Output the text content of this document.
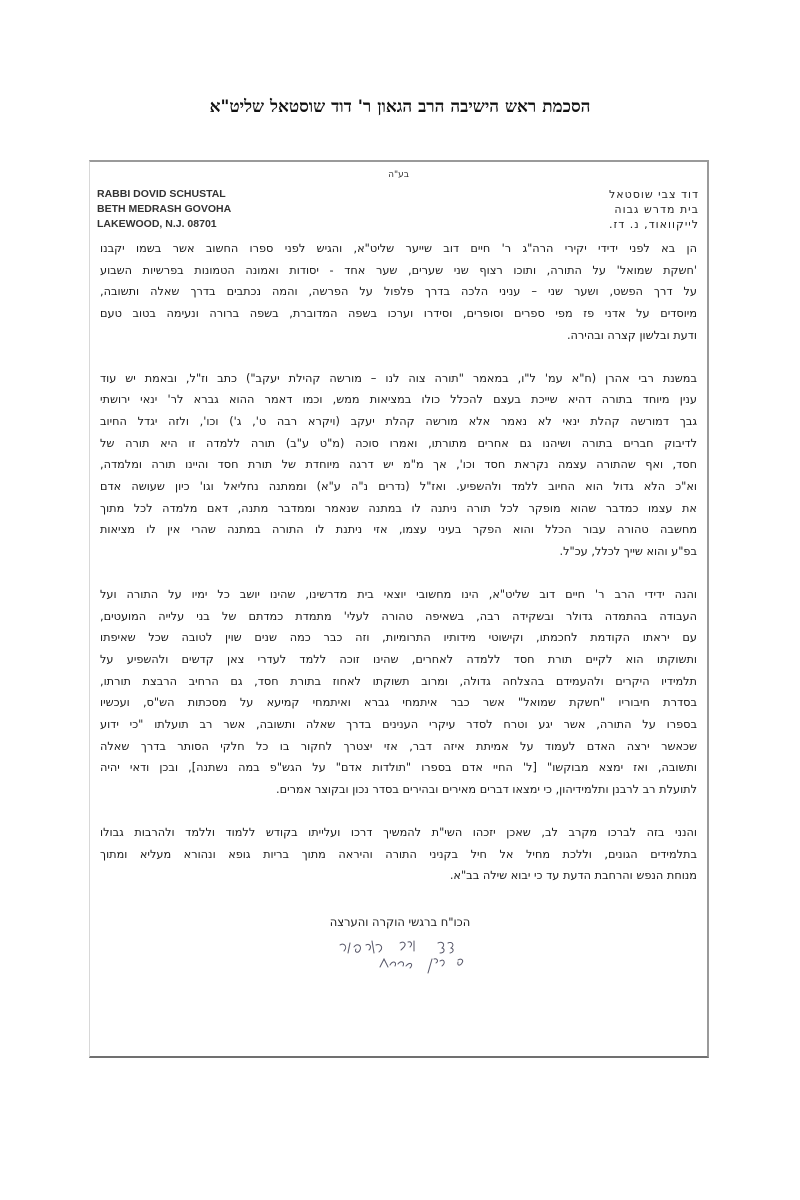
הסכמת ראש הישיבה הרב הגאון ר' דוד שוסטאל שליט"א
בע"ה
RABBI DOVID SCHUSTAL
BETH MEDRASH GOVOHA
LAKEWOOD, N.J. 08701
דוד צבי שוסטאל
בית מדרש גבוה
לייקוואוד, נ. דז.
הן בא לפני ידידי יקירי הרה"ג ר' חיים דוב שייער שליט"א, והגיש לפני ספרו החשוב אשר בשמו יקבנו
'חשקת שמואל' על התורה, ותוכו רצוף שני שערים, שער אחד - יסודות ואמונה הטמונות בפרשיות השבוע
על דרך הפשט, ושער שני – עניני הלכה בדרך פלפול על הפרשה, והמה נכתבים בדרך שאלה ותשובה,
מיוסדים על אדני פז מפי ספרים וסופרים, וסידרו וערכו בשפה המדוברת, בשפה ברורה ונעימה בטוב טעם
ודעת ובלשון קצרה ובהירה.
במשנת רבי אהרן (ח"א עמ' ל"ו, במאמר "תורה צוה לנו – מורשה קהילת יעקב") כתב וז"ל, ובאמת יש עוד
ענין מיוחד בתורה דהיא שייכת בעצם להכלל כולו במציאות ממש, וכמו דאמר ההוא גברא לר' ינאי ירושתי
גבך דמורשה קהלת ינאי לא נאמר אלא מורשה קהלת יעקב (ויקרא רבה ט', ג') וכו', ולזה יגדל החיוב
לדיבוק חברים בתורה ושיהנו גם אחרים מתורתו, ואמרו סוכה (מ"ט ע"ב) תורה ללמדה זו היא תורה של
חסד, ואף שהתורה עצמה נקראת חסד וכו', אך מ"מ יש דרגה מיוחדת של תורת חסד והיינו תורה ומלמדה,
וא"כ הלא גדול הוא החיוב ללמד ולהשפיע. ואז"ל (נדרים נ"ה ע"א) וממתנה נחליאל וגו' כיון שעושה אדם
את עצמו כמדבר שהוא מופקר לכל תורה ניתנה לו במתנה שנאמר וממדבר מתנה, דאם מלמדה לכל מתוך
מחשבה טהורה עבור הכלל והוא הפקר בעיני עצמו, אזי ניתנת לו התורה במתנה שהרי אין לו מציאות
בפ"ע והוא שייך לכלל, עכ"ל.
והנה ידידי הרב ר' חיים דוב שליט"א, הינו מחשובי יוצאי בית מדרשינו, שהינו יושב כל ימיו על התורה ועל
העבודה בהתמדה גדולר ובשקידה רבה, בשאיפה טהורה לעלי' מתמדת כמדתם של בני עלייה המועטים,
עם יראתו הקודמת לחכמתו, וקישוטי מידותיו התרומיות, וזה כבר כמה שנים שוין לטובה שכל שאיפתו
ותשוקתו הוא לקיים תורת חסד ללמדה לאחרים, שהינו זוכה ללמד לעדרי צאן קדשים ולהשפיע על
תלמידיו היקרים ולהעמידם בהצלחה גדולה, ומרוב תשוקתו לאחוז בתורת חסד, גם הרחיב הרבצת תורתו,
בסדרת חיבוריו "חשקת שמואל" אשר כבר איתמחי גברא ואיתמחי קמיעא על מסכתות הש"ס, ועכשיו
בספרו על התורה, אשר יגע וטרח לסדר עיקרי הענינים בדרך שאלה ותשובה, אשר רב תועלתו "כי ידוע
שכאשר ירצה האדם לעמוד על אמיתת איזה דבר, אזי יצטרך לחקור בו כל חלקי הסותר בדרך שאלה
ותשובה, ואז ימצא מבוקשו" [ל' החיי אדם בספרו "תולדות אדם" על הגש"פ במה נשתנה], ובכן ודאי יהיה
לתועלת רב לרבנן ותלמידיהון, כי ימצאו דברים מאירים ובהירים בסדר נכון ובקוצר אמרים.
והנני בזה לברכו מקרב לב, שאכן יזכהו השי"ת להמשיך דרכו ועלייתו בקודש ללמוד וללמד ולהרבות גבולו
בתלמידים הגונים, וללכת מחיל אל חיל בקניני התורה והיראה מתוך בריות גופא ונהורא מעליא ומתוך
מנוחת הנפש והרחבת הדעת עד כי יבוא שילה בב"א.
הכו"ח ברגשי הוקרה והערצה
